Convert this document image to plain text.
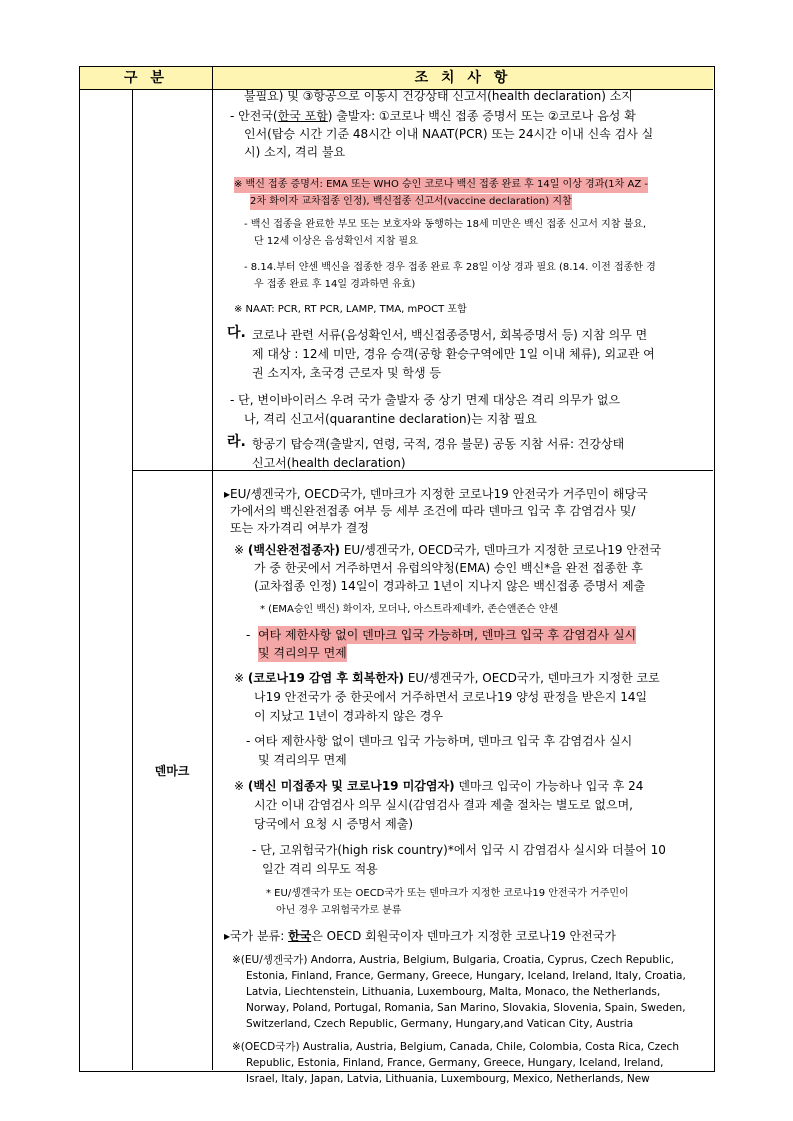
구 분	조 치 사 항
불필요) 및 ③항공으로 이동시 건강상태 신고서(health declaration) 소지
- 안전국(한국 포함) 출발자: ①코로나 백신 접종 증명서 또는 ②코로나 음성 확
인서(탑승 시간 기준 48시간 이내 NAAT(PCR) 또는 24시간 이내 신속 검사 실
시) 소지, 격리 불요
※ 백신 접종 증명서: EMA 또는 WHO 승인 코로나 백신 접종 완료 후 14일 이상 경과(1차 AZ -
2차 화이자 교차접종 인정), 백신접종 신고서(vaccine declaration) 지참
- 백신 접종을 완료한 부모 또는 보호자와 동행하는 18세 미만은 백신 접종 신고서 지참 불요,
단 12세 이상은 음성확인서 지참 필요
- 8.14.부터 얀센 백신을 접종한 경우 접종 완료 후 28일 이상 경과 필요 (8.14. 이전 접종한 경
우 접종 완료 후 14일 경과하면 유효)
※ NAAT: PCR, RT PCR, LAMP, TMA, mPOCT 포함
다. 코로나 관련 서류(음성확인서, 백신접종증명서, 회복증명서 등) 지참 의무 면
제 대상 : 12세 미만, 경유 승객(공항 환승구역에만 1일 이내 체류), 외교관 여
권 소지자, 초국경 근로자 및 학생 등
- 단, 변이바이러스 우려 국가 출발자 중 상기 면제 대상은 격리 의무가 없으
나, 격리 신고서(quarantine declaration)는 지참 필요
라. 항공기 탑승객(출발지, 연령, 국적, 경유 불문) 공동 지참 서류: 건강상태
신고서(health declaration)
덴마크
▸EU/솅겐국가, OECD국가, 덴마크가 지정한 코로나19 안전국가 거주민이 해당국
가에서의 백신완전접종 여부 등 세부 조건에 따라 덴마크 입국 후 감염검사 및/
또는 자가격리 여부가 결정
※ (백신완전접종자) EU/솅겐국가, OECD국가, 덴마크가 지정한 코로나19 안전국
가 중 한곳에서 거주하면서 유럽의약청(EMA) 승인 백신*을 완전 접종한 후
(교차접종 인정) 14일이 경과하고 1년이 지나지 않은 백신접종 증명서 제출
* (EMA승인 백신) 화이자, 모더나, 아스트라제네카, 존슨앤존슨 얀센
- 여타 제한사항 없이 덴마크 입국 가능하며, 덴마크 입국 후 감염검사 실시
및 격리의무 면제
※ (코로나19 감염 후 회복한자) EU/솅겐국가, OECD국가, 덴마크가 지정한 코로
나19 안전국가 중 한곳에서 거주하면서 코로나19 양성 판정을 받은지 14일
이 지났고 1년이 경과하지 않은 경우
- 여타 제한사항 없이 덴마크 입국 가능하며, 덴마크 입국 후 감염검사 실시
및 격리의무 면제
※ (백신 미접종자 및 코로나19 미감염자) 덴마크 입국이 가능하나 입국 후 24
시간 이내 감염검사 의무 실시(감염검사 결과 제출 절차는 별도로 없으며,
당국에서 요청 시 증명서 제출)
- 단, 고위험국가(high risk country)*에서 입국 시 감염검사 실시와 더불어 10
일간 격리 의무도 적용
* EU/솅겐국가 또는 OECD국가 또는 덴마크가 지정한 코로나19 안전국가 거주민이
아닌 경우 고위험국가로 분류
▸국가 분류: 한국은 OECD 회원국이자 덴마크가 지정한 코로나19 안전국가
※(EU/솅겐국가) Andorra, Austria, Belgium, Bulgaria, Croatia, Cyprus, Czech Republic,
Estonia, Finland, France, Germany, Greece, Hungary, Iceland, Ireland, Italy, Croatia,
Latvia, Liechtenstein, Lithuania, Luxembourg, Malta, Monaco, the Netherlands,
Norway, Poland, Portugal, Romania, San Marino, Slovakia, Slovenia, Spain, Sweden,
Switzerland, Czech Republic, Germany, Hungary,and Vatican City, Austria
※(OECD국가) Australia, Austria, Belgium, Canada, Chile, Colombia, Costa Rica, Czech
Republic, Estonia, Finland, France, Germany, Greece, Hungary, Iceland, Ireland,
Israel, Italy, Japan, Latvia, Lithuania, Luxembourg, Mexico, Netherlands, New
